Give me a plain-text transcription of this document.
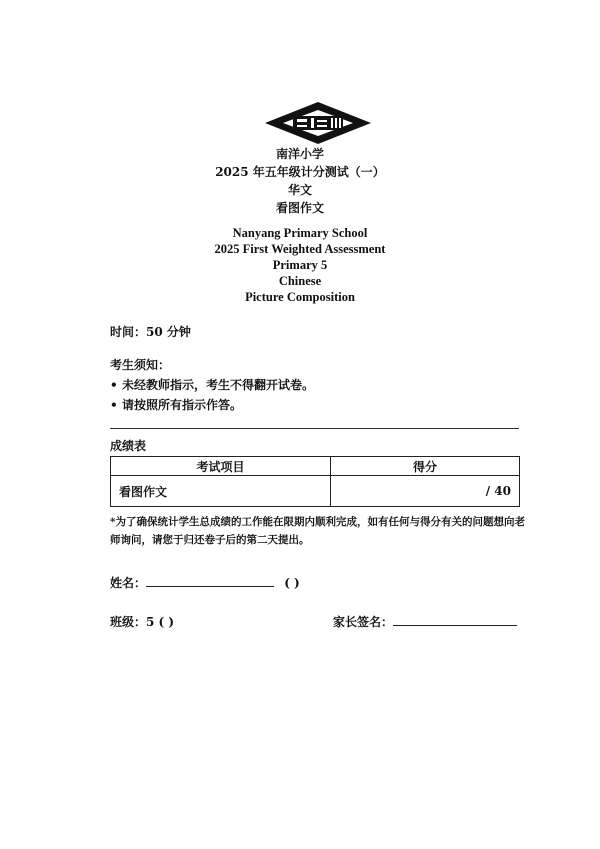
南洋小学
2025 年五年级计分测试（一）
华文
看图作文
Nanyang Primary School
2025 First Weighted Assessment
Primary 5
Chinese
Picture Composition
时间：50 分钟
考生须知：
• 未经教师指示，考生不得翻开试卷。
• 请按照所有指示作答。
成绩表
考试项目	得分
看图作文	/ 40
*为了确保统计学生总成绩的工作能在限期内顺利完成，如有任何与得分有关的问题想向老师询问，请您于归还卷子后的第二天提出。
姓名：	( )
班级：5 ( )	家长签名：
